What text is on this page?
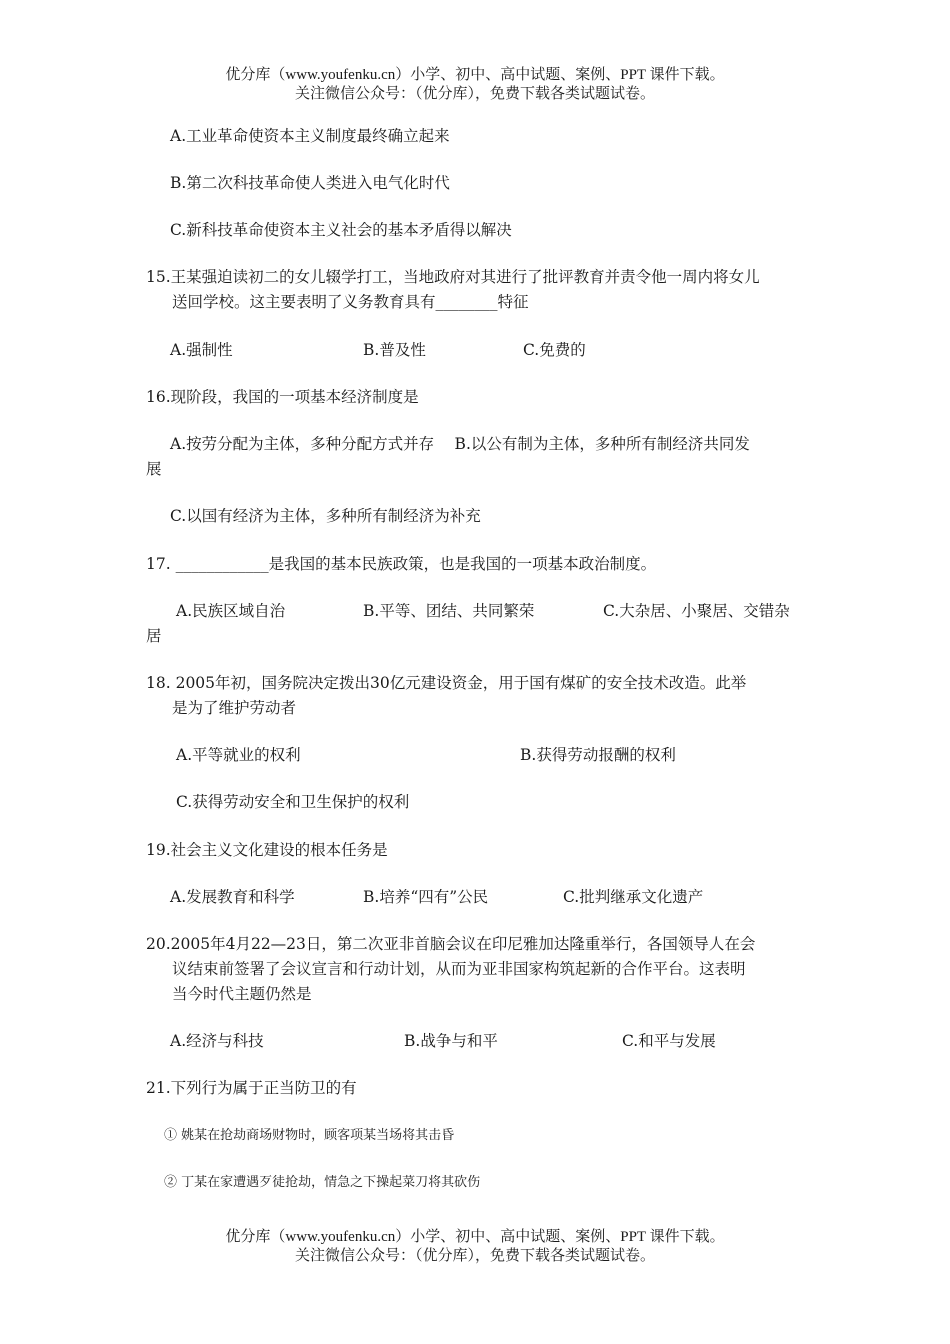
优分库（www.youfenku.cn）小学、初中、高中试题、案例、PPT 课件下载。
关注微信公众号：（优分库），免费下载各类试题试卷。
A.工业革命使资本主义制度最终确立起来
B.第二次科技革命使人类进入电气化时代
C.新科技革命使资本主义社会的基本矛盾得以解决
15.王某强迫读初二的女儿辍学打工，当地政府对其进行了批评教育并责令他一周内将女儿
送回学校。这主要表明了义务教育具有________特征
A.强制性	B.普及性	C.免费的
16.现阶段，我国的一项基本经济制度是
A.按劳分配为主体，多种分配方式并存　 B.以公有制为主体，多种所有制经济共同发
展
C.以国有经济为主体，多种所有制经济为补充
17. ____________是我国的基本民族政策，也是我国的一项基本政治制度。
A.民族区域自治	B.平等、团结、共同繁荣	C.大杂居、小聚居、交错杂
居
18. 2005年初，国务院决定拨出30亿元建设资金，用于国有煤矿的安全技术改造。此举
是为了维护劳动者
A.平等就业的权利	B.获得劳动报酬的权利
C.获得劳动安全和卫生保护的权利
19.社会主义文化建设的根本任务是
A.发展教育和科学	B.培养“四有”公民	C.批判继承文化遗产
20.2005年4月22—23日，第二次亚非首脑会议在印尼雅加达隆重举行，各国领导人在会
议结束前签署了会议宣言和行动计划，从而为亚非国家构筑起新的合作平台。这表明
当今时代主题仍然是
A.经济与科技	B.战争与和平	C.和平与发展
21.下列行为属于正当防卫的有
① 姚某在抢劫商场财物时，顾客项某当场将其击昏
② 丁某在家遭遇歹徒抢劫，情急之下操起菜刀将其砍伤
优分库（www.youfenku.cn）小学、初中、高中试题、案例、PPT 课件下载。
关注微信公众号：（优分库），免费下载各类试题试卷。
